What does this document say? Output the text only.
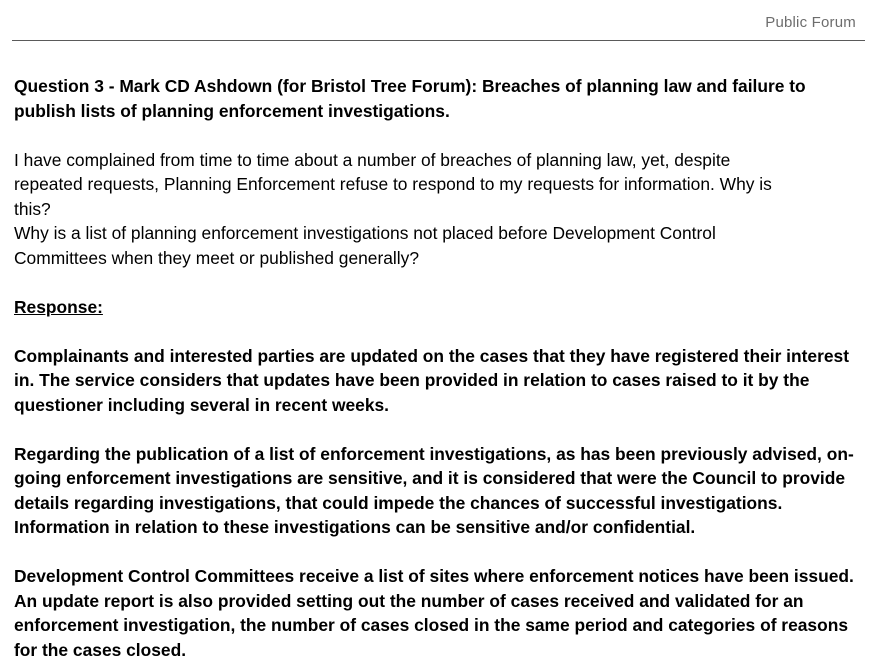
Public Forum

Question 3 - Mark CD Ashdown (for Bristol Tree Forum): Breaches of planning law and failure to
publish lists of planning enforcement investigations.

I have complained from time to time about a number of breaches of planning law, yet, despite
repeated requests, Planning Enforcement refuse to respond to my requests for information. Why is
this?
Why is a list of planning enforcement investigations not placed before Development Control
Committees when they meet or published generally?

Response:

Complainants and interested parties are updated on the cases that they have registered their interest
in. The service considers that updates have been provided in relation to cases raised to it by the
questioner including several in recent weeks.

Regarding the publication of a list of enforcement investigations, as has been previously advised, on-
going enforcement investigations are sensitive, and it is considered that were the Council to provide
details regarding investigations, that could impede the chances of successful investigations.
Information in relation to these investigations can be sensitive and/or confidential.

Development Control Committees receive a list of sites where enforcement notices have been issued.
An update report is also provided setting out the number of cases received and validated for an
enforcement investigation, the number of cases closed in the same period and categories of reasons
for the cases closed.
